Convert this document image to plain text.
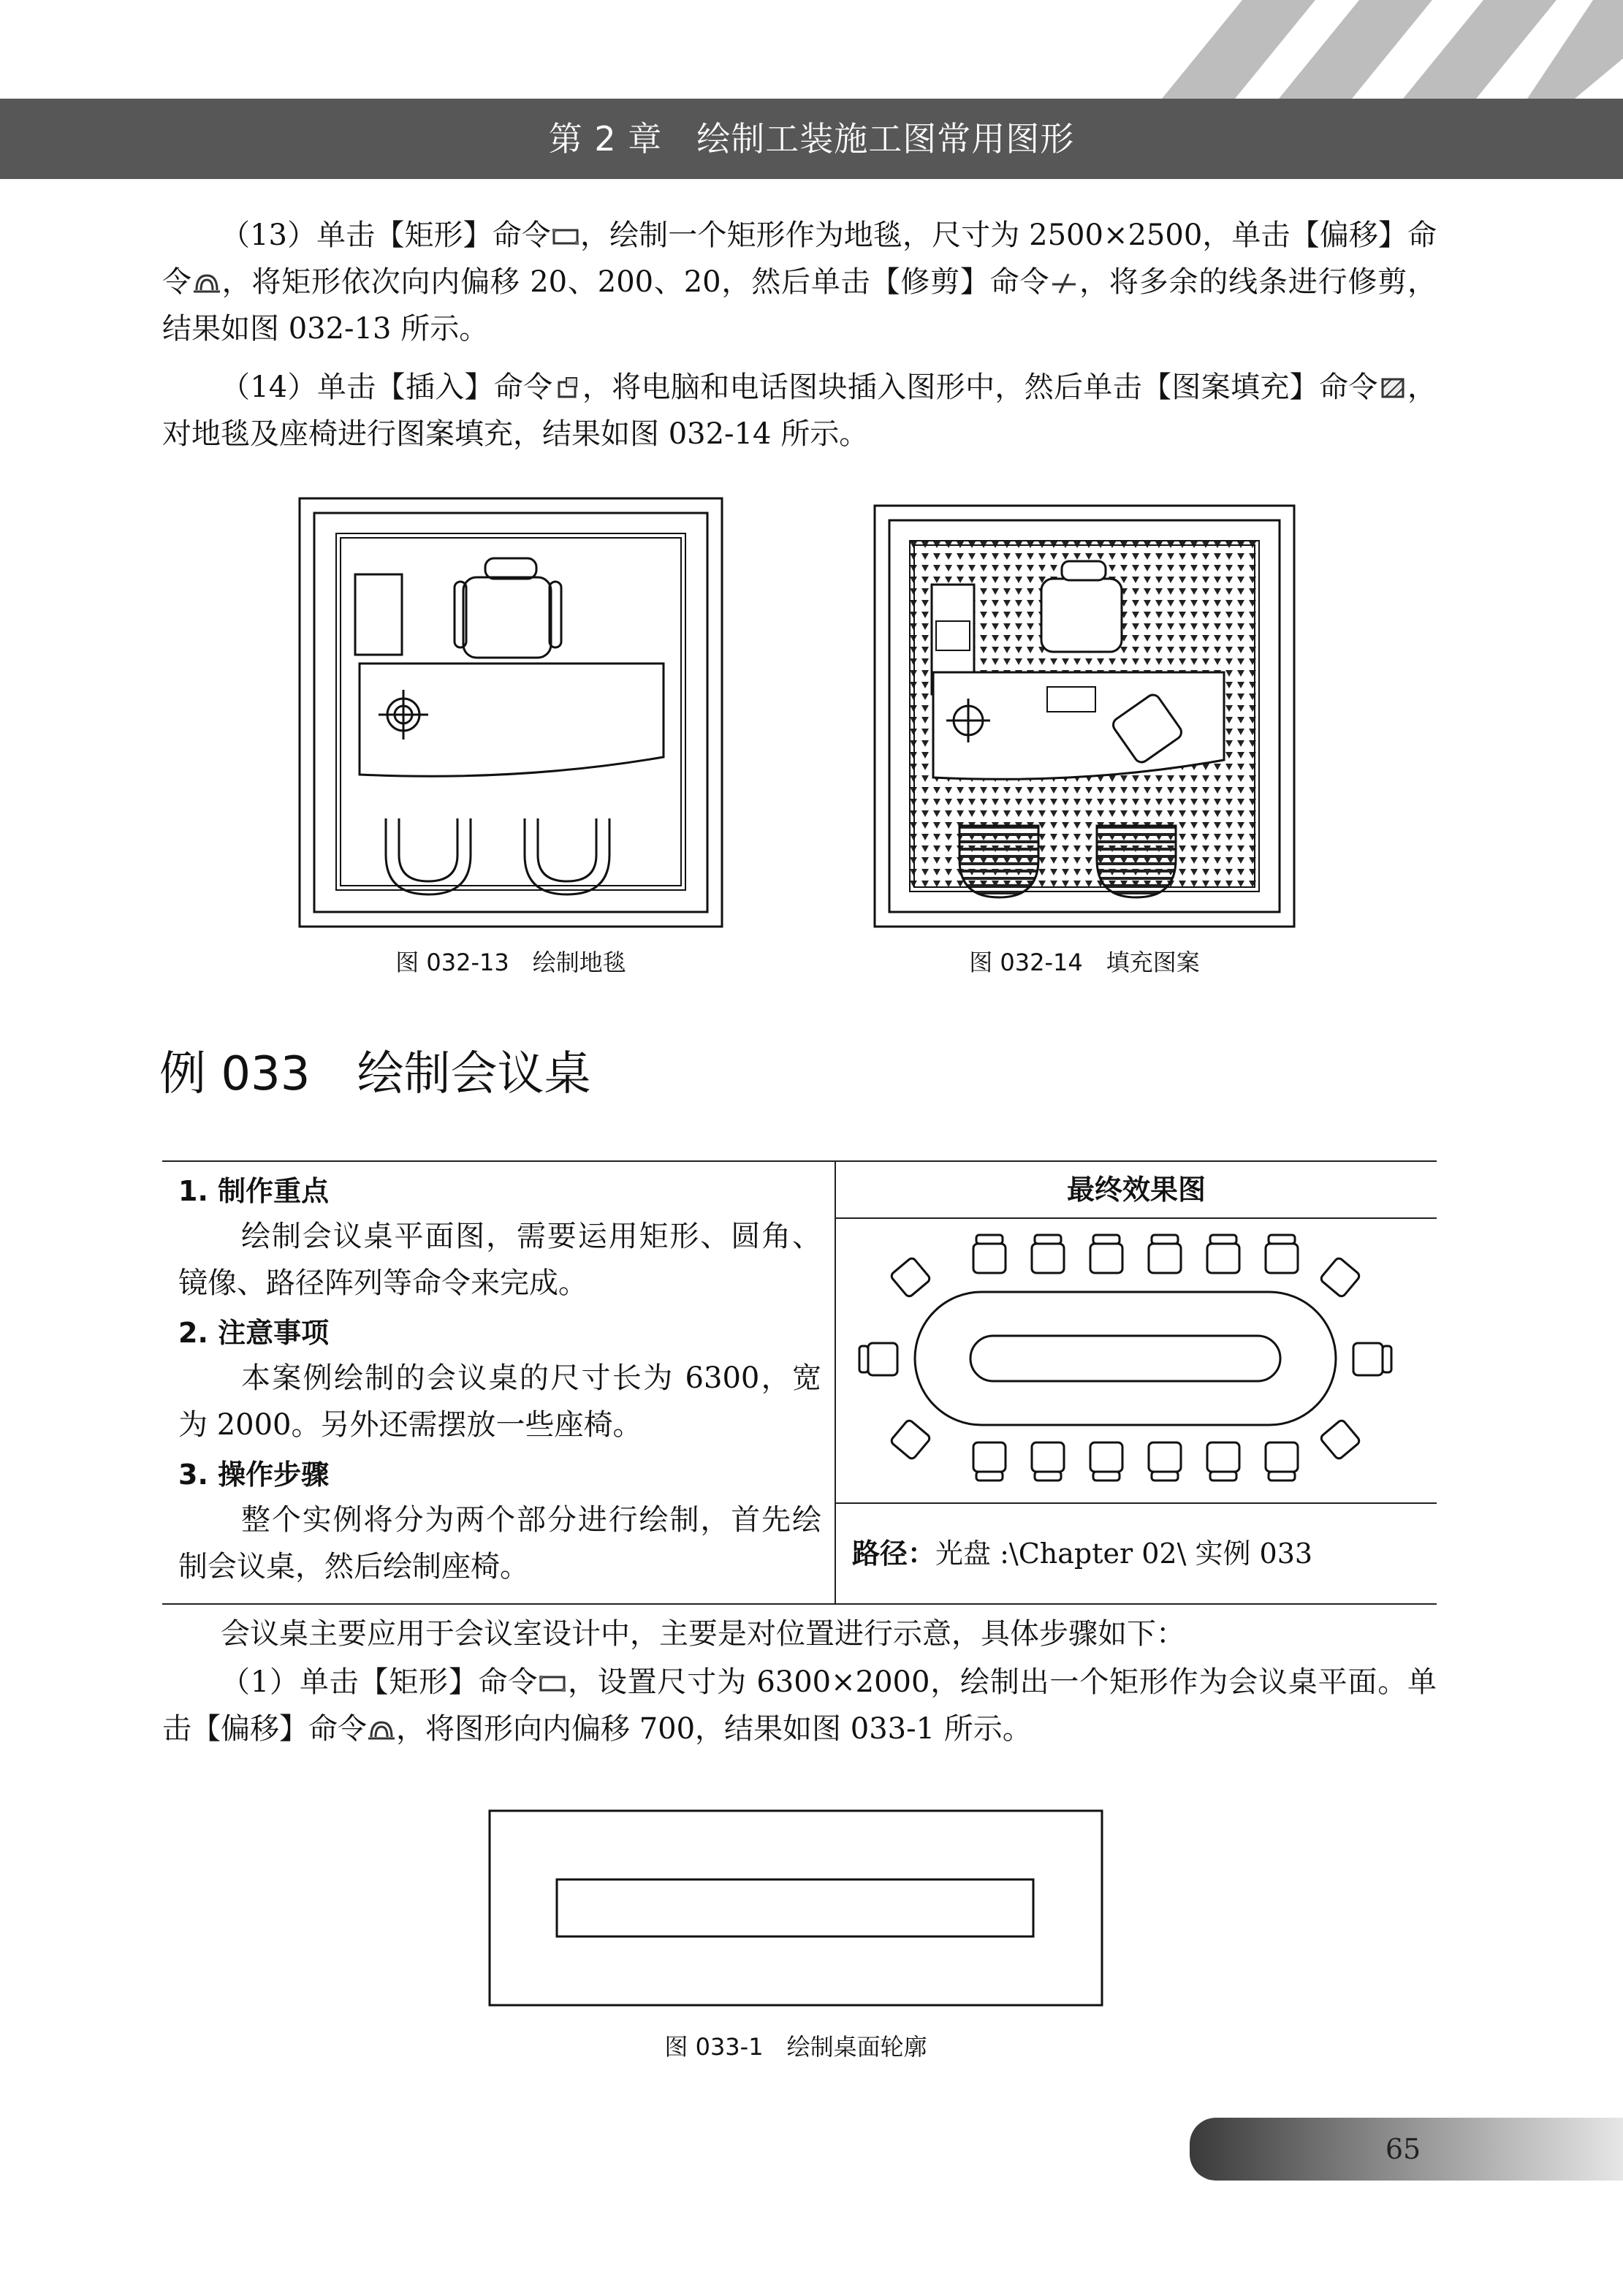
第 2 章　绘制工装施工图常用图形
（13）单击【矩形】命令 ，绘制一个矩形作为地毯，尺寸为 2500×2500，单击【偏移】命令 ，将矩形依次向内偏移 20、200、20，然后单击【修剪】命令 ，将多余的线条进行修剪，结果如图 032-13 所示。
（14）单击【插入】命令 ，将电脑和电话图块插入图形中，然后单击【图案填充】命令 ，对地毯及座椅进行图案填充，结果如图 032-14 所示。
图 032-13　绘制地毯	图 032-14　填充图案
例 033　绘制会议桌
1. 制作重点
绘制会议桌平面图，需要运用矩形、圆角、镜像、路径阵列等命令来完成。
2. 注意事项
本案例绘制的会议桌的尺寸长为 6300，宽为 2000。另外还需摆放一些座椅。
3. 操作步骤
整个实例将分为两个部分进行绘制，首先绘制会议桌，然后绘制座椅。
最终效果图
路径：光盘 :\Chapter 02\ 实例 033
会议桌主要应用于会议室设计中，主要是对位置进行示意，具体步骤如下：
（1）单击【矩形】命令 ，设置尺寸为 6300×2000，绘制出一个矩形作为会议桌平面。单击【偏移】命令 ，将图形向内偏移 700，结果如图 033-1 所示。
图 033-1　绘制桌面轮廓
65
